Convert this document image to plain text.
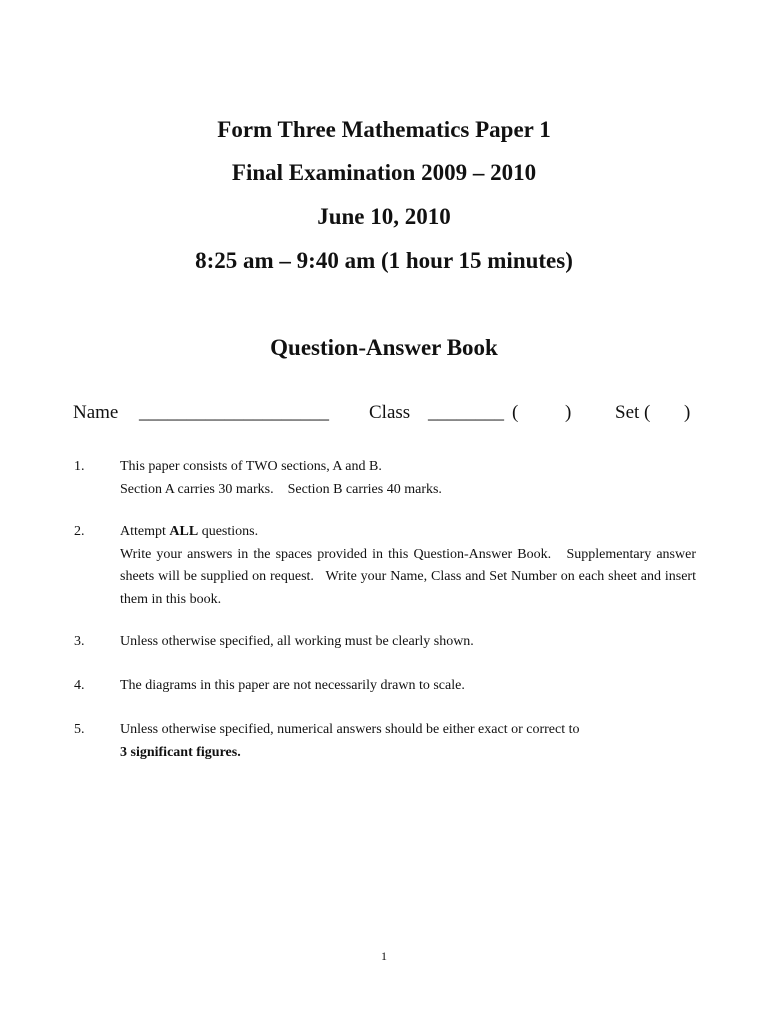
Form Three Mathematics Paper 1
Final Examination 2009 – 2010
June 10, 2010
8:25 am – 9:40 am (1 hour 15 minutes)
Question-Answer Book
Name ____________________ Class ________ ( ) Set ( )
1.	This paper consists of TWO sections, A and B.
Section A carries 30 marks.    Section B carries 40 marks.
2.	Attempt ALL questions.
Write your answers in the spaces provided in this Question-Answer Book.   Supplementary answer sheets will be supplied on request.   Write your Name, Class and Set Number on each sheet and insert them in this book.
3.	Unless otherwise specified, all working must be clearly shown.
4.	The diagrams in this paper are not necessarily drawn to scale.
5.	Unless otherwise specified, numerical answers should be either exact or correct to
3 significant figures.
1
